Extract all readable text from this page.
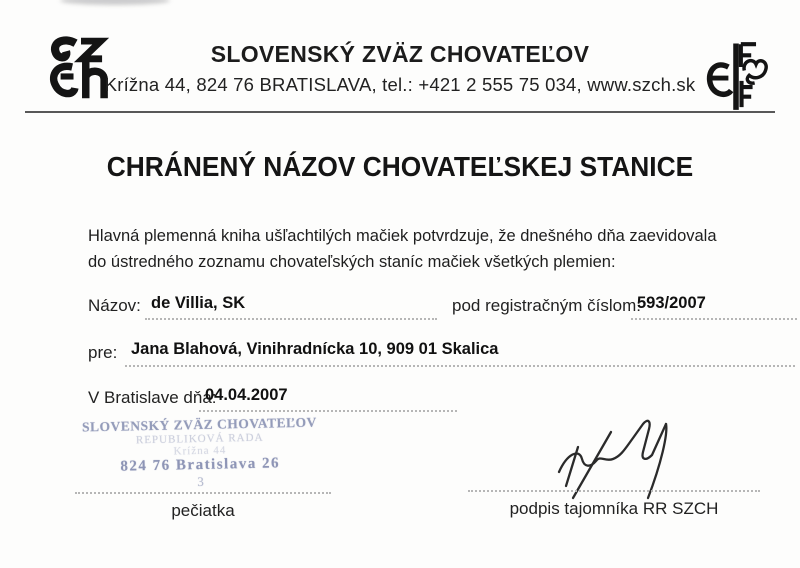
SLOVENSKÝ ZVÄZ CHOVATEĽOV
Krížna 44, 824 76 BRATISLAVA, tel.: +421 2 555 75 034, www.szch.sk
CHRÁNENÝ NÁZOV CHOVATEĽSKEJ STANICE
Hlavná plemenná kniha ušľachtilých mačiek potvrdzuje, že dnešného dňa zaevidovala
do ústredného zoznamu chovateľských staníc mačiek všetkých plemien:
Názov: de Villia, SK	pod registračným číslom:
593/2007
pre: Jana Blahová, Vinihradnícka 10, 909 01 Skalica
V Bratislave dňa:
04.04.2007
SLOVENSKÝ ZVÄZ CHOVATEĽOV
REPUBLIKOVÁ RADA
Krížna 44
824 76 Bratislava 26
3
pečiatka	podpis tajomníka RR SZCH
